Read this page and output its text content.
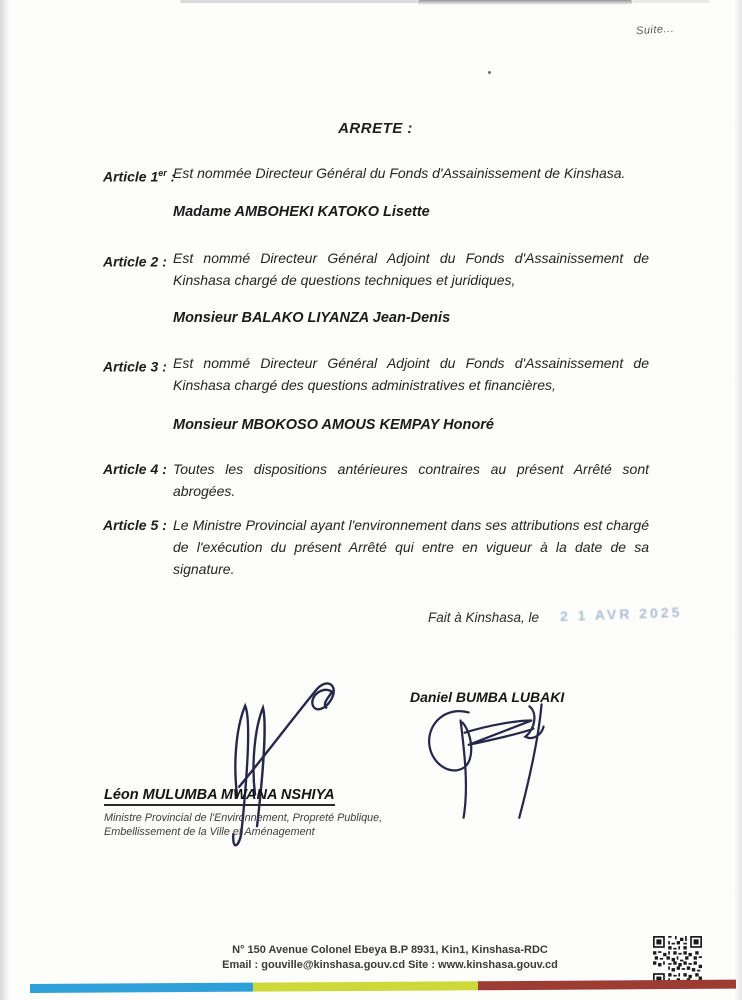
Suite...
ARRETE :
Article 1er :
Est nommée Directeur Général du Fonds d'Assainissement de Kinshasa.
Madame AMBOHEKI KATOKO Lisette
Article 2 : Est nommé Directeur Général Adjoint du Fonds d'Assainissement de Kinshasa chargé de questions techniques et juridiques,
Monsieur BALAKO LIYANZA Jean-Denis
Article 3 : Est nommé Directeur Général Adjoint du Fonds d'Assainissement de Kinshasa chargé des questions administratives et financières,
Monsieur MBOKOSO AMOUS KEMPAY Honoré
Article 4 : Toutes les dispositions antérieures contraires au présent Arrêté sont abrogées.
Article 5 : Le Ministre Provincial ayant l'environnement dans ses attributions est chargé de l'exécution du présent Arrêté qui entre en vigueur à la date de sa signature.
Fait à Kinshasa, le 2 1 AVR 2025
Daniel BUMBA LUBAKI
Léon MULUMBA MWANA NSHIYA
Ministre Provincial de l'Environnement, Propreté Publique,
Embellissement de la Ville et Aménagement
N° 150 Avenue Colonel Ebeya B.P 8931, Kin1, Kinshasa-RDC
Email : gouville@kinshasa.gouv.cd Site : www.kinshasa.gouv.cd
